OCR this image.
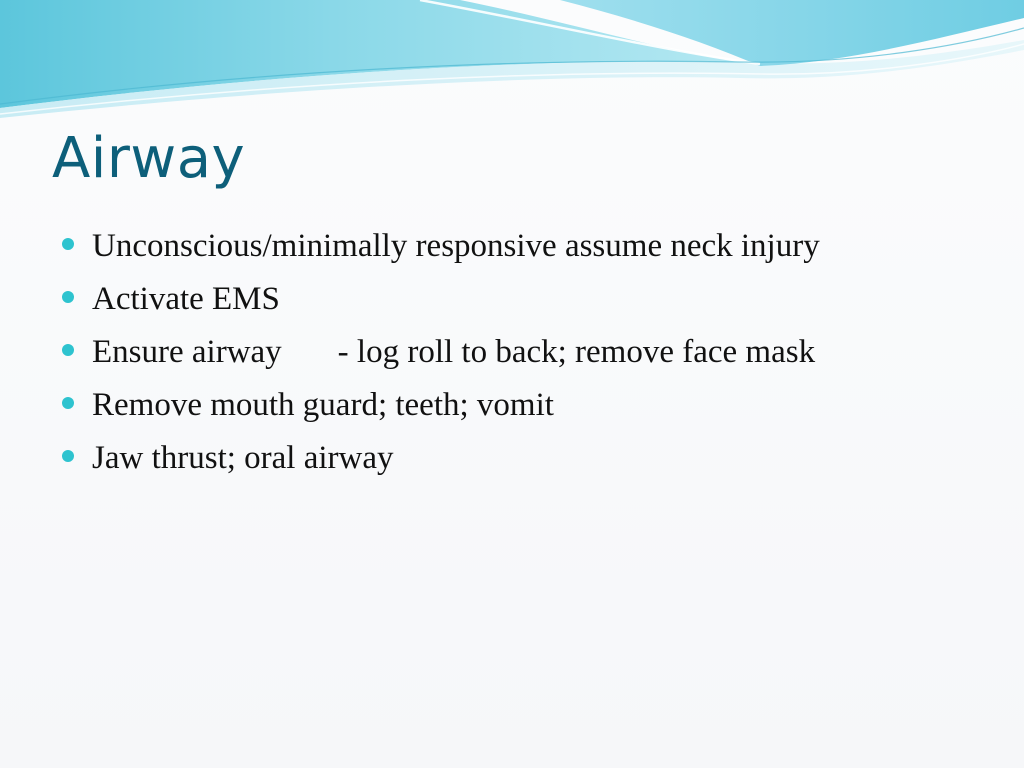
Airway
Unconscious/minimally responsive assume neck injury
Activate EMS
Ensure airway - log roll to back; remove face mask
Remove mouth guard; teeth; vomit
Jaw thrust; oral airway
